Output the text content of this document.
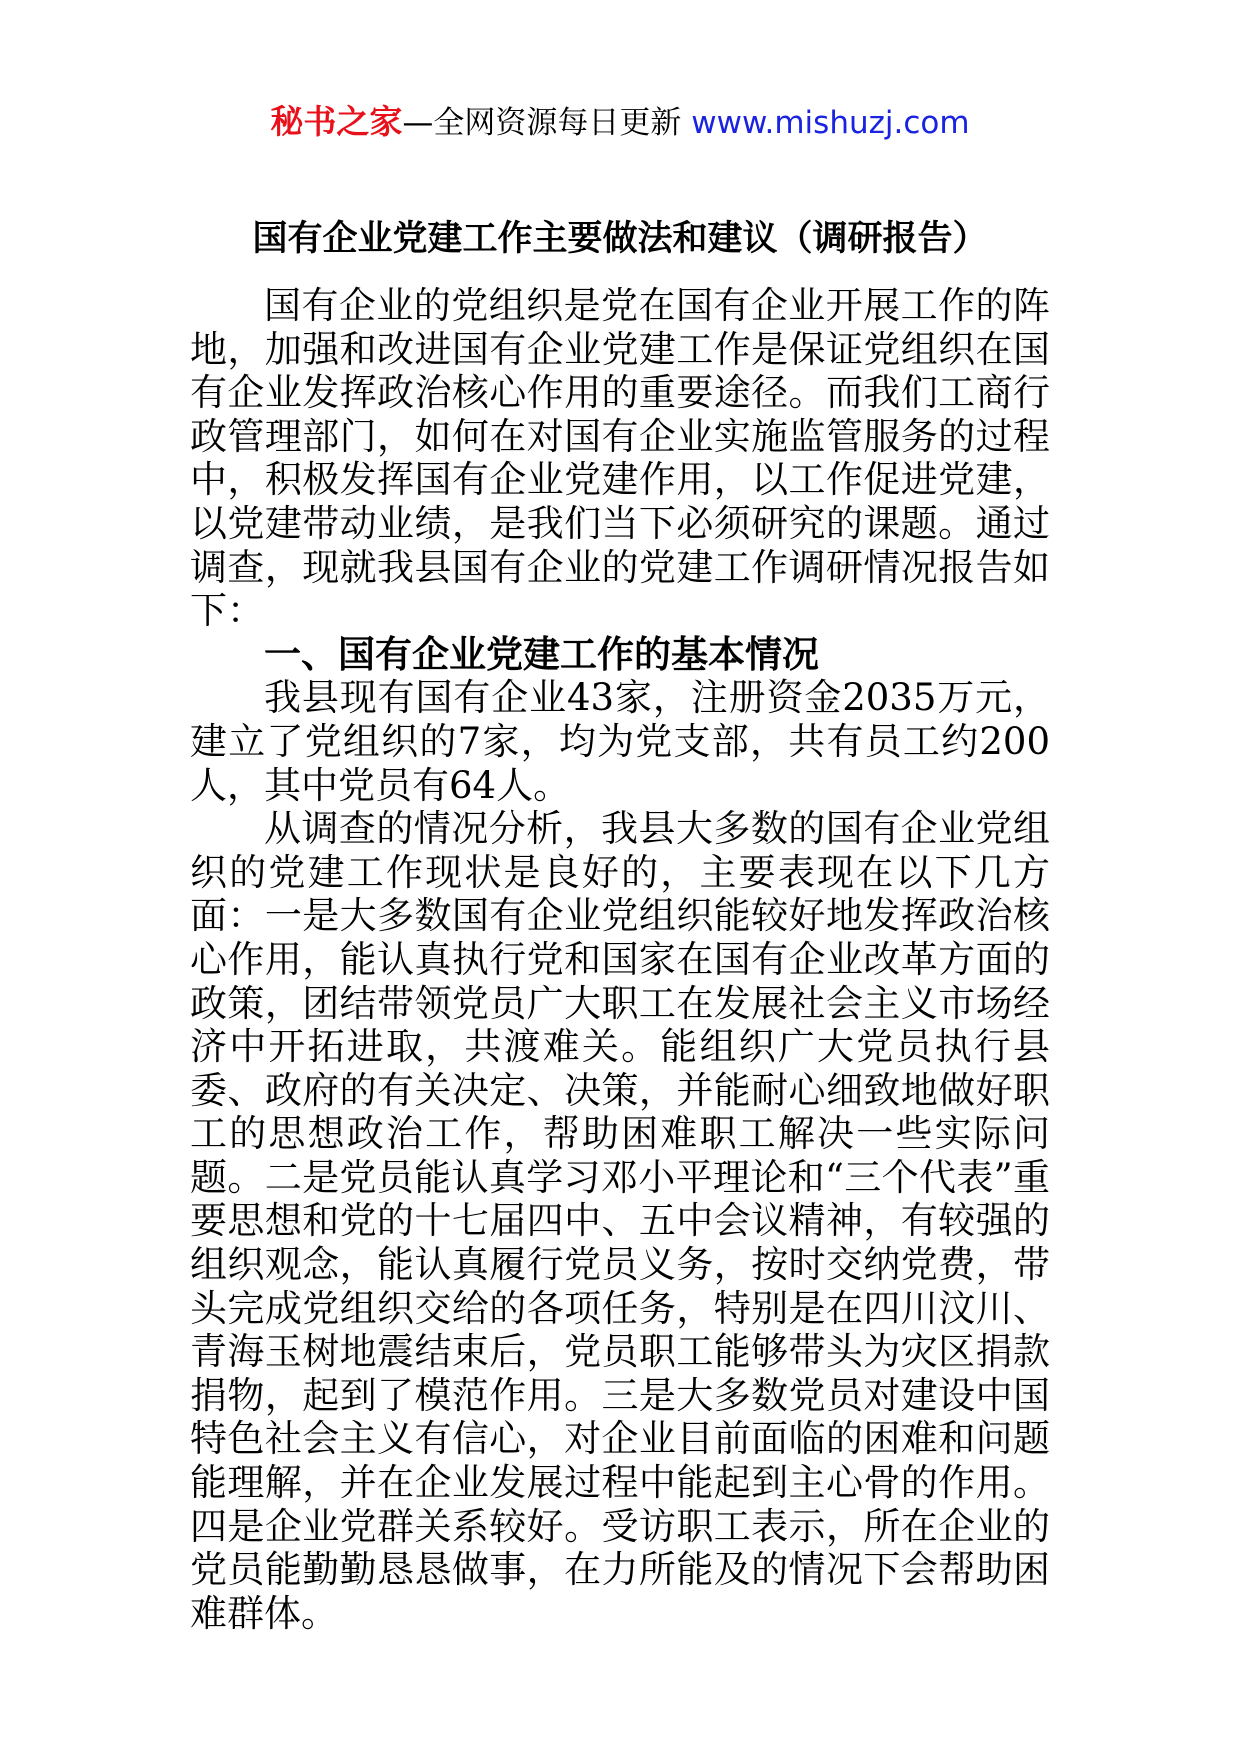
秘书之家—全网资源每日更新 www.mishuzj.com
国有企业党建工作主要做法和建议（调研报告）

国有企业的党组织是党在国有企业开展工作的阵地，加强和改进国有企业党建工作是保证党组织在国有企业发挥政治核心作用的重要途径。而我们工商行政管理部门，如何在对国有企业实施监管服务的过程中，积极发挥国有企业党建作用，以工作促进党建，以党建带动业绩，是我们当下必须研究的课题。通过调查，现就我县国有企业的党建工作调研情况报告如下：

一、国有企业党建工作的基本情况

我县现有国有企业43家，注册资金2035万元，建立了党组织的7家，均为党支部，共有员工约200人，其中党员有64人。

从调查的情况分析，我县大多数的国有企业党组织的党建工作现状是良好的，主要表现在以下几方面：一是大多数国有企业党组织能较好地发挥政治核心作用，能认真执行党和国家在国有企业改革方面的政策，团结带领党员广大职工在发展社会主义市场经济中开拓进取，共渡难关。能组织广大党员执行县委、政府的有关决定、决策，并能耐心细致地做好职工的思想政治工作，帮助困难职工解决一些实际问题。二是党员能认真学习邓小平理论和“三个代表”重要思想和党的十七届四中、五中会议精神，有较强的组织观念，能认真履行党员义务，按时交纳党费，带头完成党组织交给的各项任务，特别是在四川汶川、青海玉树地震结束后，党员职工能够带头为灾区捐款捐物，起到了模范作用。三是大多数党员对建设中国特色社会主义有信心，对企业目前面临的困难和问题能理解，并在企业发展过程中能起到主心骨的作用。四是企业党群关系较好。受访职工表示，所在企业的党员能勤勤恳恳做事，在力所能及的情况下会帮助困难群体。
